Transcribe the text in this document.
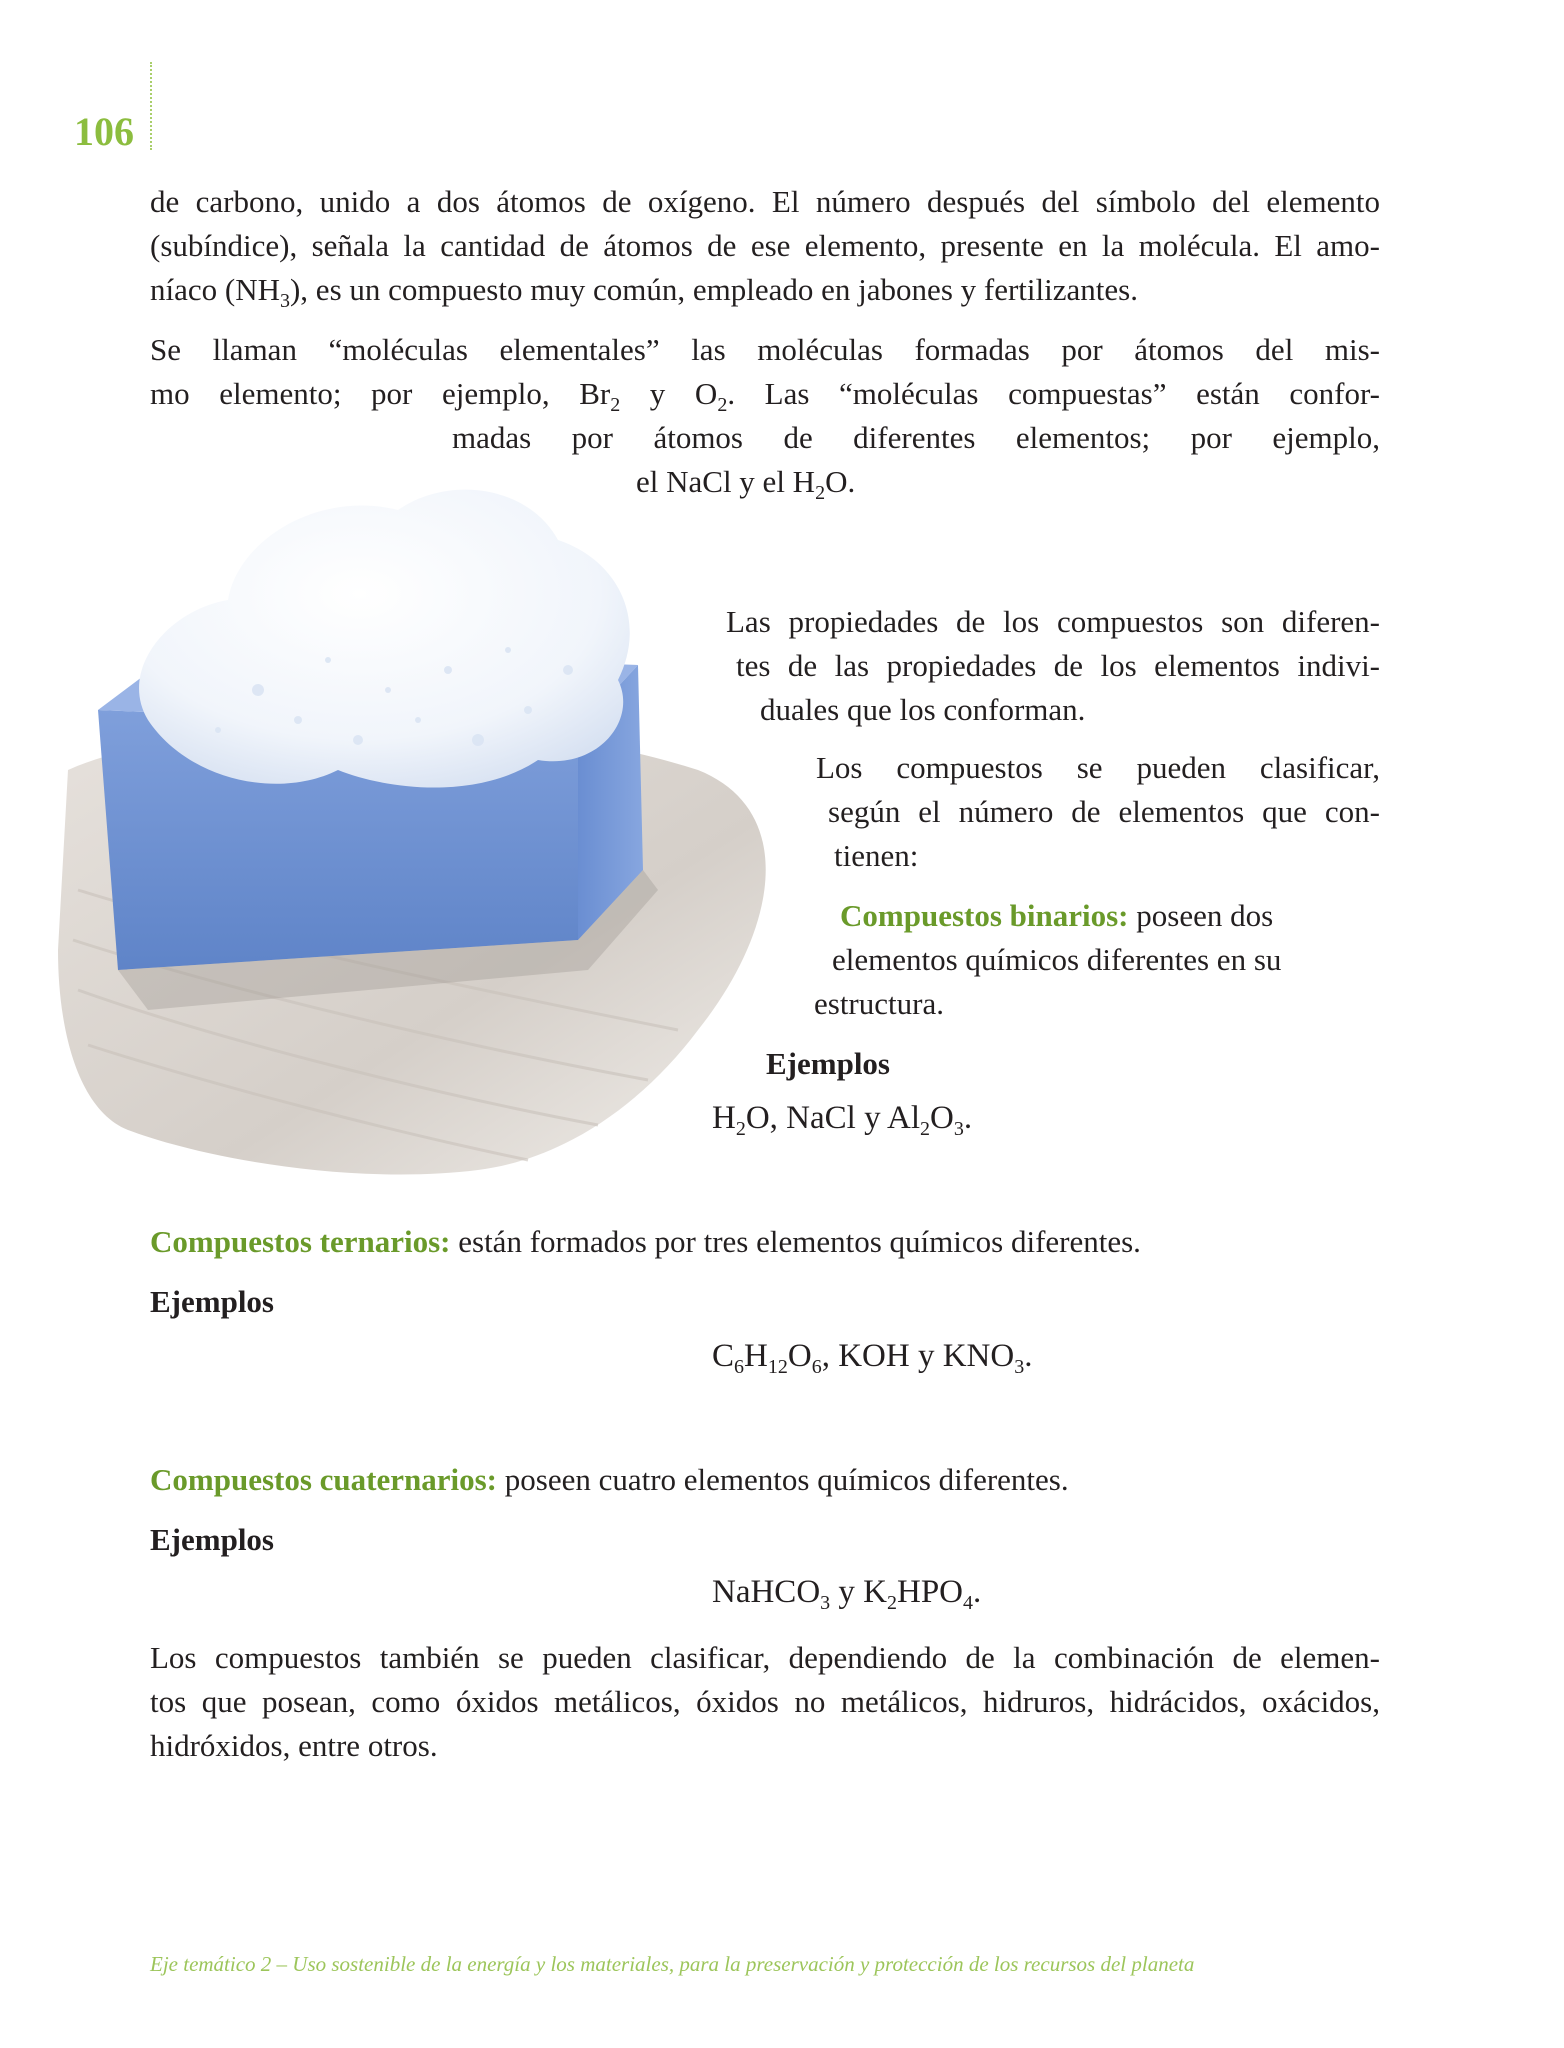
106
de carbono, unido a dos átomos de oxígeno. El número después del símbolo del elemento
(subíndice), señala la cantidad de átomos de ese elemento, presente en la molécula. El amo-
níaco $(NH_3)$, es un compuesto muy común, empleado en jabones y fertilizantes.
Se llaman “moléculas elementales” las moléculas formadas por átomos del mis-
mo elemento; por ejemplo, $Br_2$ y $O_2$. Las “moléculas compuestas” están confor-
madas por átomos de diferentes elementos; por ejemplo,
el NaCl y el $H_2O$.
Las propiedades de los compuestos son diferen-
tes de las propiedades de los elementos indivi-
duales que los conforman.
Los compuestos se pueden clasificar,
según el número de elementos que con-
tienen:
Compuestos binarios: poseen dos
elementos químicos diferentes en su
estructura.
Ejemplos
$H_2O$, NaCl y $Al_2O_3$.
Compuestos ternarios: están formados por tres elementos químicos diferentes.
Ejemplos
$C_6H_{12}O_6$, KOH y $KNO_3$.
Compuestos cuaternarios: poseen cuatro elementos químicos diferentes.
Ejemplos
NaHCO$_3$ y $K_2HPO_4$.
Los compuestos también se pueden clasificar, dependiendo de la combinación de elemen-
tos que posean, como óxidos metálicos, óxidos no metálicos, hidruros, hidrácidos, oxácidos,
hidróxidos, entre otros.
Eje temático 2 – Uso sostenible de la energía y los materiales, para la preservación y protección de los recursos del planeta
